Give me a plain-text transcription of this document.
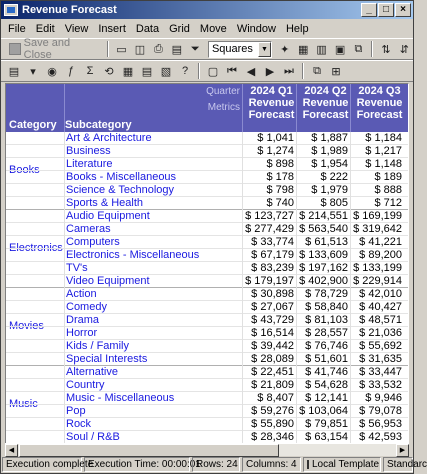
Revenue Forecast	_	□	×
File Edit View Insert Data Grid Move Window Help
Save and Close	▭ ◫ ⎙ ▤ ⏷	Squares	▼	✦ ▦ ▥ ▣ ⧉	⇅ ⇵
▤	▾	◉	ƒ	Σ ⟲ ▦ ▤ ▧ ?	▢ ⏮ ◀ ▶ ⏭	⧉ ⊞
Quarter
Metrics
Category Subcategory
2024 Q1
Revenue
Forecast
2024 Q2
Revenue
Forecast
2024 Q3
Revenue
Forecast
Books
Art & Architecture	$ 1,041	$ 1,887	$ 1,184
Business	$ 1,274	$ 1,989	$ 1,217
Literature	$ 898	$ 1,954	$ 1,148
Books - Miscellaneous	$ 178	$ 222	$ 189
Science & Technology	$ 798	$ 1,979	$ 888
Sports & Health	$ 740	$ 805	$ 712
Electronics
Audio Equipment	$ 123,727 $ 214,551 $ 169,199
Cameras	$ 277,429 $ 563,540 $ 319,642
Computers	$ 33,774	$ 61,513	$ 41,221
Electronics - Miscellaneous	$ 67,179 $ 133,609	$ 89,200
TV's	$ 83,239 $ 197,162 $ 133,199
Video Equipment	$ 179,197 $ 402,900 $ 229,914
Movies
Action	$ 30,898	$ 78,729	$ 42,010
Comedy	$ 27,067	$ 58,840	$ 40,427
Drama	$ 43,729	$ 81,103	$ 48,571
Horror	$ 16,514	$ 28,557	$ 21,036
Kids / Family	$ 39,442	$ 76,746	$ 55,692
Special Interests	$ 28,089	$ 51,601	$ 31,635
Music
Alternative	$ 22,451	$ 41,746	$ 33,447
Country	$ 21,809	$ 54,628	$ 33,532
Music - Miscellaneous	$ 8,407	$ 12,141	$ 9,946
Pop	$ 59,276 $ 103,064	$ 79,078
Rock	$ 55,890	$ 79,851	$ 56,953
Soul / R&B	$ 28,346	$ 63,154	$ 42,593
◀	▶
Execution complete
Execution Time: 00:00:01
Rows: 24 Columns: 4	Local Template Standarc
